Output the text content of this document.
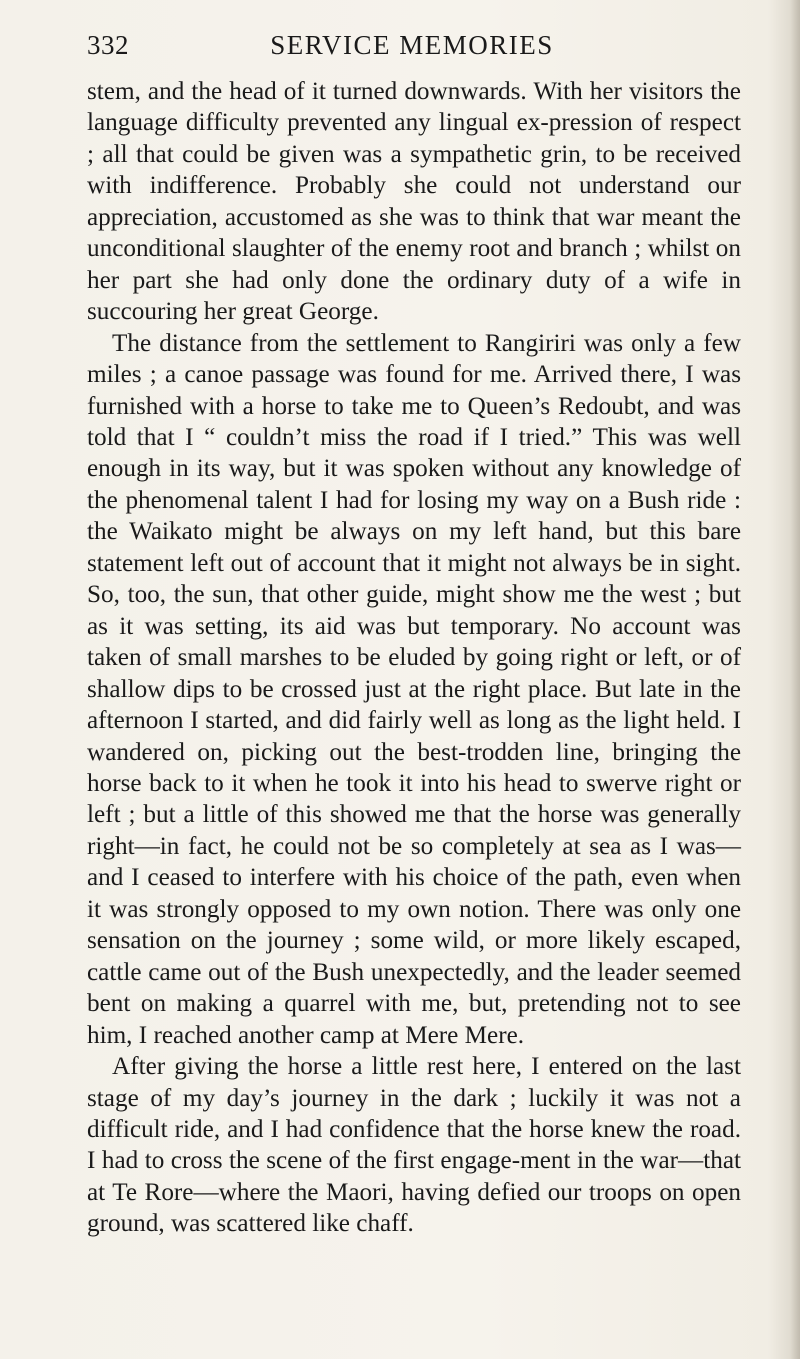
332	SERVICE MEMORIES

stem, and the head of it turned downwards. With her visitors the language difficulty prevented any lingual ex-pression of respect ; all that could be given was a sympathetic grin, to be received with indifference. Probably she could not understand our appreciation, accustomed as she was to think that war meant the unconditional slaughter of the enemy root and branch ; whilst on her part she had only done the ordinary duty of a wife in succouring her great George.

The distance from the settlement to Rangiriri was only a few miles ; a canoe passage was found for me. Arrived there, I was furnished with a horse to take me to Queen’s Redoubt, and was told that I “ couldn’t miss the road if I tried.” This was well enough in its way, but it was spoken without any knowledge of the phenomenal talent I had for losing my way on a Bush ride : the Waikato might be always on my left hand, but this bare statement left out of account that it might not always be in sight. So, too, the sun, that other guide, might show me the west ; but as it was setting, its aid was but temporary. No account was taken of small marshes to be eluded by going right or left, or of shallow dips to be crossed just at the right place. But late in the afternoon I started, and did fairly well as long as the light held. I wandered on, picking out the best-trodden line, bringing the horse back to it when he took it into his head to swerve right or left ; but a little of this showed me that the horse was generally right—in fact, he could not be so completely at sea as I was—and I ceased to interfere with his choice of the path, even when it was strongly opposed to my own notion. There was only one sensation on the journey ; some wild, or more likely escaped, cattle came out of the Bush unexpectedly, and the leader seemed bent on making a quarrel with me, but, pretending not to see him, I reached another camp at Mere Mere.

After giving the horse a little rest here, I entered on the last stage of my day’s journey in the dark ; luckily it was not a difficult ride, and I had confidence that the horse knew the road. I had to cross the scene of the first engage-ment in the war—that at Te Rore—where the Maori, having defied our troops on open ground, was scattered like chaff.
